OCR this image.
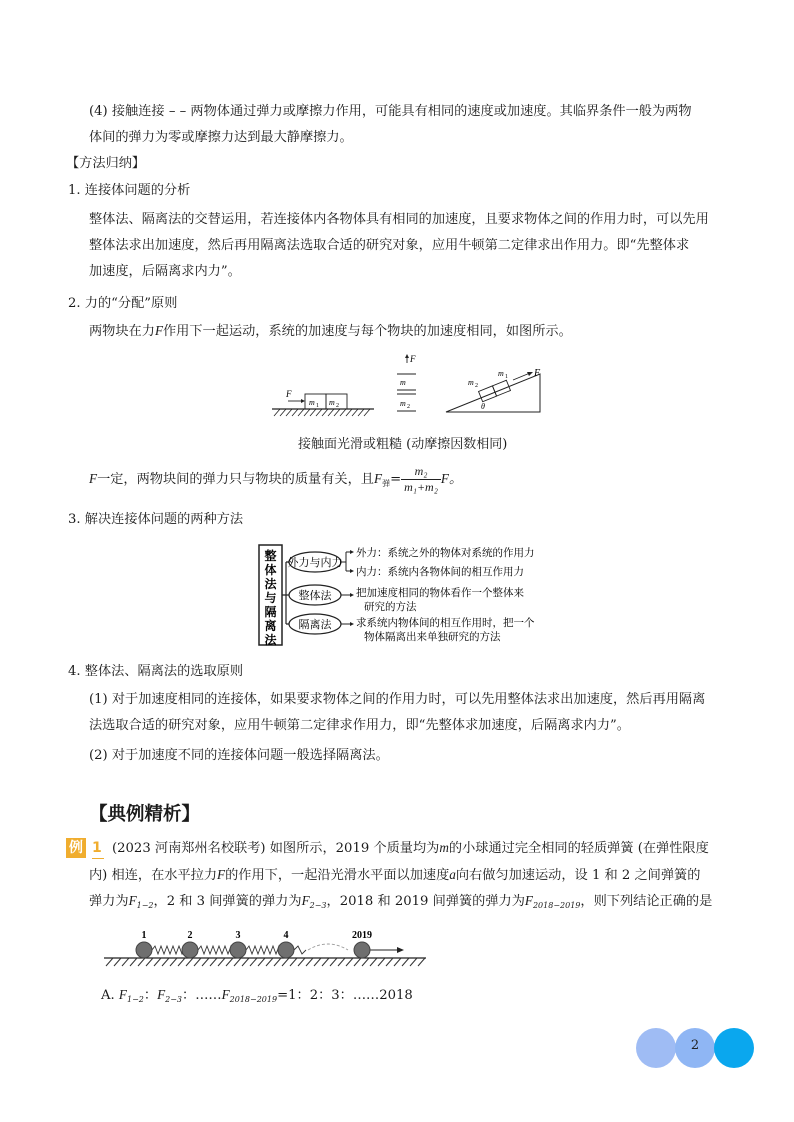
(4) 接触连接 – – 两物体通过弹力或摩擦力作用，可能具有相同的速度或加速度。其临界条件一般为两物
体间的弹力为零或摩擦力达到最大静摩擦力。
【方法归纳】
1. 连接体问题的分析
整体法、隔离法的交替运用，若连接体内各物体具有相同的加速度，且要求物体之间的作用力时，可以先用
整体法求出加速度，然后再用隔离法选取合适的研究对象，应用牛顿第二定律求出作用力。即“先整体求
加速度，后隔离求内力”。
2. 力的“分配”原则
两物块在力F作用下一起运动，系统的加速度与每个物块的加速度相同，如图所示。
F
m 1 m 2
F
m
m 2
F
m 2
m 1
θ
接触面光滑或粗糙 (动摩擦因数相同)
F一定，两物块间的弹力只与物块的质量有关，且$F_弹= \frac{\text{m₂}}{\text{m₁+m₂}}$ F。
3. 解决连接体问题的两种方法
整
体
法
与
隔
离
法
外力与内力
整体法
隔离法
外力：系统之外的物体对系统的作用力
内力：系统内各物体间的相互作用力
把加速度相同的物体看作一个整体来
研究的方法
求系统内物体间的相互作用时，把一个
物体隔离出来单独研究的方法
4. 整体法、隔离法的选取原则
(1) 对于加速度相同的连接体，如果要求物体之间的作用力时，可以先用整体法求出加速度，然后再用隔离
法选取合适的研究对象，应用牛顿第二定律求作用力，即“先整体求加速度，后隔离求内力”。
(2) 对于加速度不同的连接体问题一般选择隔离法。
【典例精析】
例 1 (2023 河南郑州名校联考) 如图所示，2019 个质量均为m的小球通过完全相同的轻质弹簧 (在弹性限度
内) 相连，在水平拉力F的作用下，一起沿光滑水平面以加速度a向右做匀加速运动，设 1 和 2 之间弹簧的
弹力为$F_{1-2}$，2 和 3 间弹簧的弹力为$F_{2-3}$，2018 和 2019 间弹簧的弹力为$F_{2018-2019}$，则下列结论正确的是
1	2	3	4	2019
A. $F_{1-2}$：$F_{2-3}$：$\dots\dots F_{2018-2019}=1$：2：3：……2018
2
